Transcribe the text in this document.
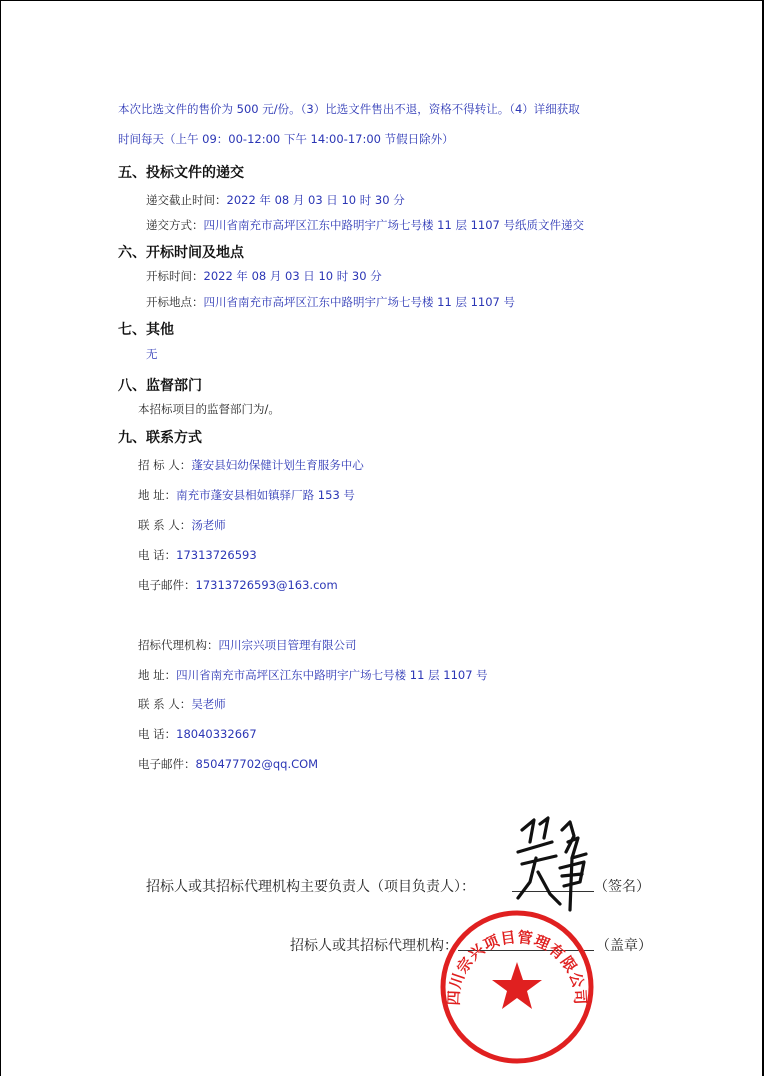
本次比选文件的售价为 500 元/份。（3）比选文件售出不退，资格不得转让。（4）详细获取
时间每天（上午 09：00-12:00 下午 14:00-17:00 节假日除外）
五、投标文件的递交
递交截止时间：2022 年 08 月 03 日 10 时 30 分
递交方式：四川省南充市高坪区江东中路明宇广场七号楼 11 层 1107 号纸质文件递交
六、开标时间及地点
开标时间：2022 年 08 月 03 日 10 时 30 分
开标地点：四川省南充市高坪区江东中路明宇广场七号楼 11 层 1107 号
七、其他
无
八、监督部门
本招标项目的监督部门为/。
九、联系方式
招 标 人：蓬安县妇幼保健计划生育服务中心
地 址：南充市蓬安县相如镇驿厂路 153 号
联 系 人：汤老师
电 话：17313726593
电子邮件：17313726593@163.com
招标代理机构：四川宗兴项目管理有限公司
地 址：四川省南充市高坪区江东中路明宇广场七号楼 11 层 1107 号
联 系 人：吴老师
电 话：18040332667
电子邮件：850477702@qq.COM
招标人或其招标代理机构主要负责人（项目负责人）：	（签名）
招标人或其招标代理机构：	（盖章）
四川宗兴项目管理有限公司
